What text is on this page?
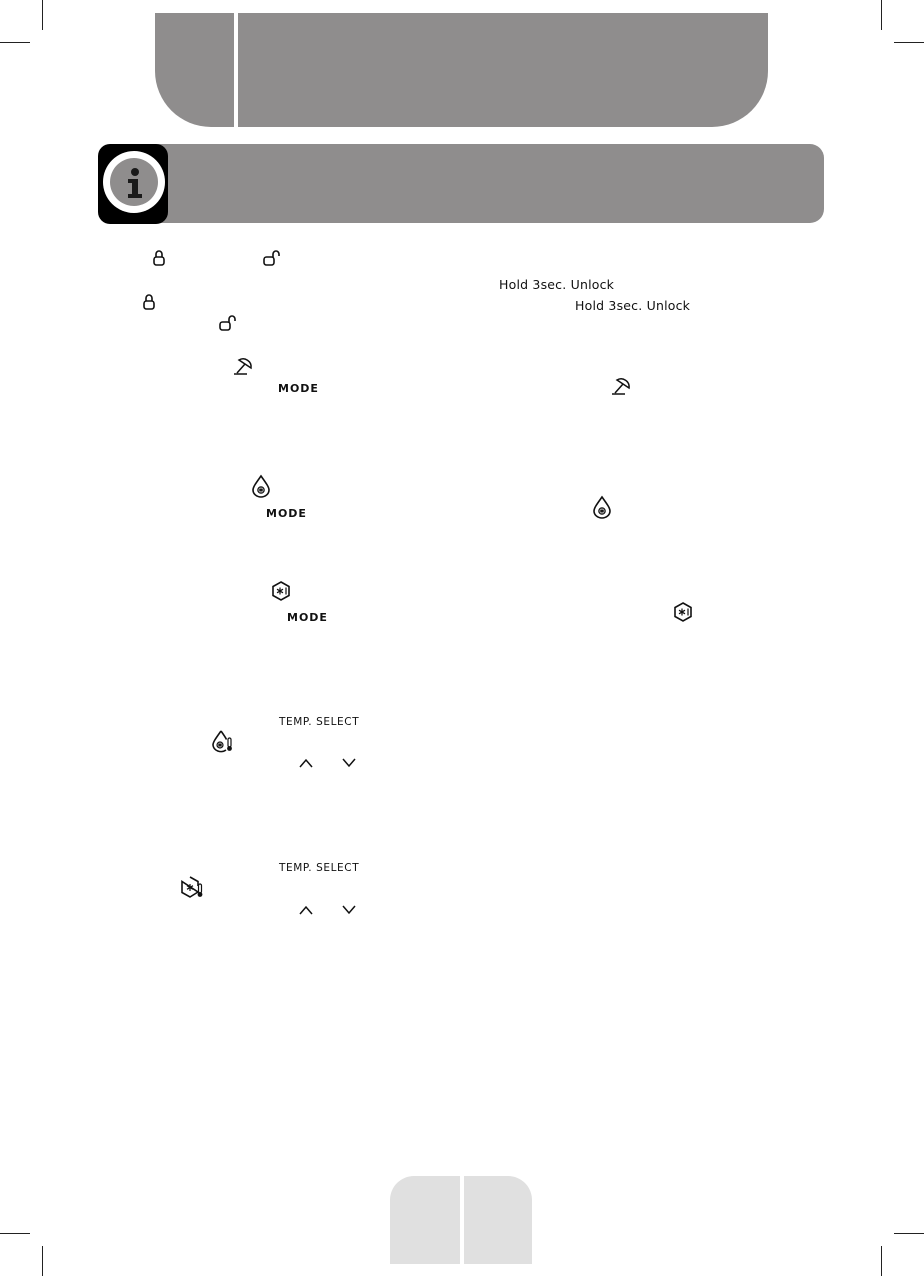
Hold 3sec. Unlock
Hold 3sec. Unlock
MODE
MODE
MODE
TEMP. SELECT
TEMP. SELECT
